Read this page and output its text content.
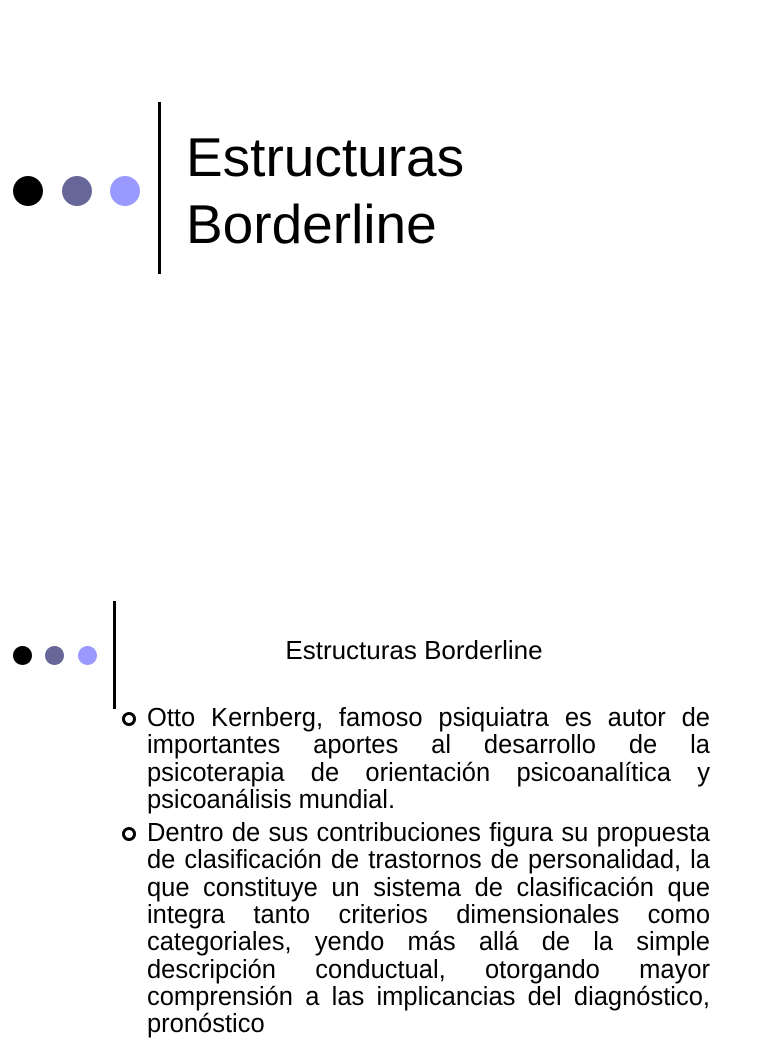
Estructuras
Borderline
Estructuras Borderline
Otto Kernberg, famoso psiquiatra es autor de importantes aportes al desarrollo de la psicoterapia de orientación psicoanalítica y psicoanálisis mundial.
Dentro de sus contribuciones figura su propuesta de clasificación de trastornos de personalidad, la que constituye un sistema de clasificación que integra tanto criterios dimensionales como categoriales, yendo más allá de la simple descripción conductual, otorgando mayor comprensión a las implicancias del diagnóstico, pronóstico
